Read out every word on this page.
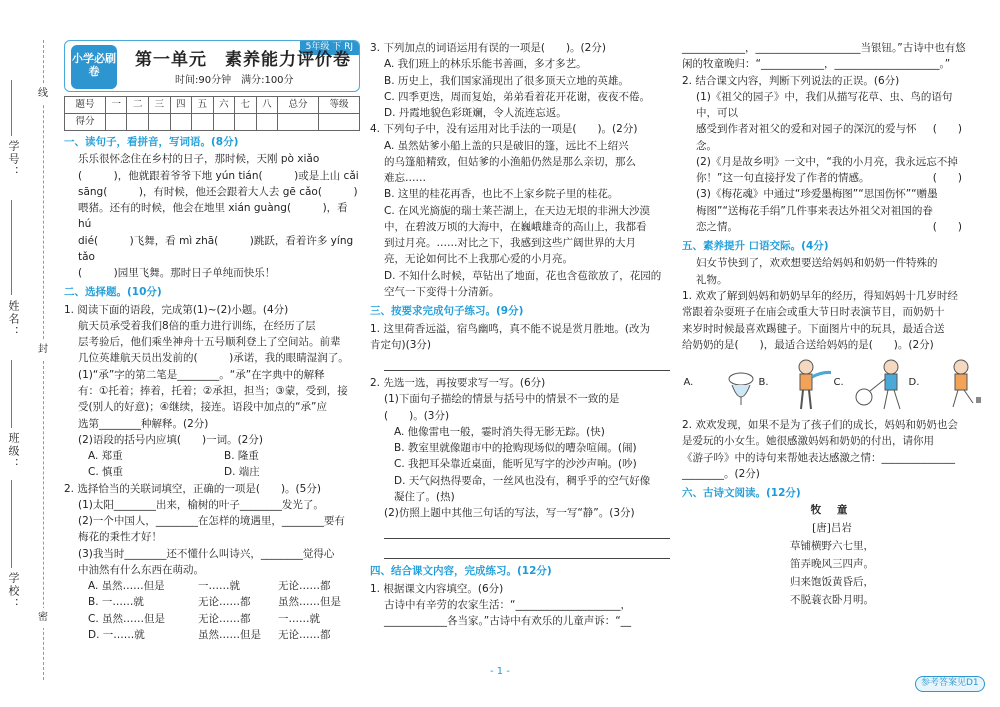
线
封
密
学号：
姓名：
班级：
学校：
小学必刷卷
5年级 下 RJ
第一单元　素养能力评价卷
时间:90分钟　满分:100分
题号	一	二	三	四	五	六	七	八	总分	等级
得分										
一、读句子，看拼音，写词语。(8分)
乐乐很怀念住在乡村的日子，那时候，天刚 pò xiǎo
(　　　)，他就跟着爷爷下地 yún tián(　　　)或是上山 cǎi
sāng(　　　)，有时候，他还会跟着大人去 gē cǎo(　　　)
喂猪。还有的时候，他会在地里 xián guàng(　　　)，看 hú
dié(　　　)飞舞，看 mì zhā(　　　)跳跃，看着许多 yíng tǎo
(　　　)园里飞舞。那时日子单纯而快乐！
二、选择题。(10分)
1. 阅读下面的语段，完成第(1)~(2)小题。(4分)
航天员承受着我们8倍的重力进行训练，在经历了层
层考验后，他们乘坐神舟十五号顺利登上了空间站。前辈
几位英雄航天员出发前的(　　　)承诺，我的眼睛湿润了。
(1)“承”字的第二笔是________。“承”在字典中的解释
有：①托着；捧着，托着；②承担，担当；③蒙，受到，接
受(别人的好意)；④继续，接连。语段中加点的“承”应
选第________种解释。(2分)
(2)语段的括号内应填(　　)一词。(2分)
A. 郑重	B. 隆重
C. 慎重	D. 端庄
2. 选择恰当的关联词填空，正确的一项是(　　)。(5分)
(1)太阳________出来，榆树的叶子________发光了。
(2)一个中国人，________在怎样的境遇里，________要有
梅花的秉性才好！
(3)我当时________还不懂什么叫诗兴，________觉得心
中油然有什么东西在萌动。
A. 虽然……但是	一……就	无论……都
B. 一……就	无论……都	虽然……但是
C. 虽然……但是	无论……都	一……就
D. 一……就	虽然……但是	无论……都
3. 下列加点的词语运用有误的一项是(　　)。(2分)
A. 我们班上的林乐乐能书善画，多才多艺。
B. 历史上，我们国家涌现出了很多顶天立地的英雄。
C. 四季更迭，周而复始，弟弟看着花开花谢，夜夜不倦。
D. 丹霞地貌色彩斑斓，令人流连忘返。
4. 下列句子中，没有运用对比手法的一项是(　　)。(2分)
A. 虽然姑爹小船上盖的只是破旧的篷，远比不上绍兴
的乌篷船精致，但姑爹的小渔船仍然是那么亲切，那么
难忘……
B. 这里的桂花再香，也比不上家乡院子里的桂花。
C. 在风光旖旎的瑞士莱芒湖上，在天边无垠的非洲大沙漠
中，在碧波万顷的大海中，在巍峨雄奇的高山上，我都看
到过月亮。……对比之下，我感到这些广阔世界的大月
亮，无论如何比不上我那心爱的小月亮。
D. 不知什么时候，草钻出了地面，花也含苞欲放了，花园的
空气一下变得十分清新。
三、按要求完成句子练习。(9分)
1. 这里荷香远溢，宿鸟幽鸣，真不能不说是赏月胜地。(改为
肯定句)(3分)
2. 先选一选，再按要求写一写。(6分)
(1)下面句子描绘的情景与括号中的情景不一致的是
(　　)。(3分)
A. 他像雷电一般，霎时消失得无影无踪。(快)
B. 教室里就像題市中的抢购现场似的嘈杂喧闹。(闹)
C. 我把耳朵靠近桌面，能听见写字的沙沙声响。(吵)
D. 天气闷热得要命，一丝风也没有，稠乎乎的空气好像
凝住了。(热)
(2)仿照上题中其他三句话的写法，写一写“静”。(3分)
四、结合课文内容，完成练习。(12分)
1. 根据课文内容填空。(6分)
古诗中有辛劳的农家生活：“____________________，
____________各当家。”古诗中有欢乐的儿童声诉：“__
- 1 -
____________，____________________当银钮。”古诗中也有悠
闲的牧童晚归：“____________，____________________。”
2. 结合课文内容，判断下列说法的正误。(6分)
(1)《祖父的园子》中，我们从描写花草、虫、鸟的语句中，可以
感受到作者对祖父的爱和对园子的深沉的爱与怀念。
(　　)
(2)《月是故乡明》一文中，“我的小月亮，我永远忘不掉
你！”这一句直接抒发了作者的情感。	(　　)
(3)《梅花魂》中通过“珍爱墨梅图”“思国伤怀”“赠墨
梅图”“送梅花手绢”几件事来表达外祖父对祖国的眷
恋之情。	(　　)
五、素养提升 口语交际。(4分)
妇女节快到了，欢欢想要送给妈妈和奶奶一件特殊的
礼物。
1. 欢欢了解到妈妈和奶奶早年的经历，得知妈妈十几岁时经
常跟着杂耍班子在庙会或重大节日时表演节目，而奶奶十
来岁时时候最喜欢踢毽子。下面图片中的玩具，最适合送
给奶奶的是(　　)，最适合送给妈妈的是(　　)。(2分)
A.	B.	C.	D.
2. 欢欢发现，如果不是为了孩子们的成长，妈妈和奶奶也会
是爱玩的小女生。她很感激妈妈和奶奶的付出，请你用
《游子吟》中的诗句来帮她表达感激之情：______________
________。(2分)
六、古诗文阅读。(12分)
牧 童
[唐]吕岩
草铺横野六七里，
笛弄晚风三四声。
归来饱饭黄昏后，
不脱蓑衣卧月明。
参考答案见D1
